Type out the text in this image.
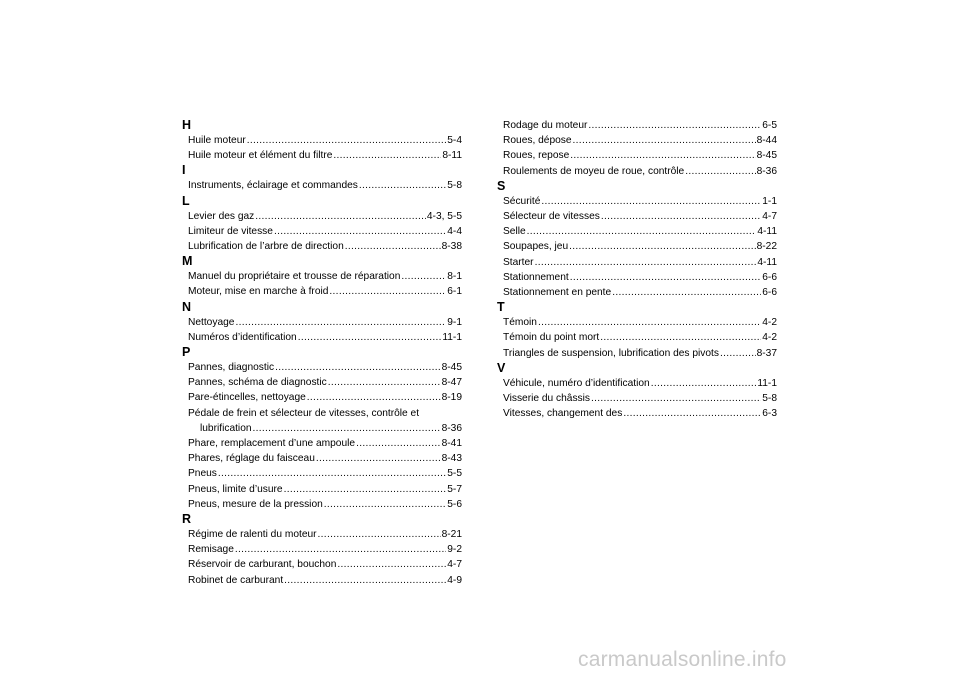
H
Huile moteur .....	5-4
Huile moteur et élément du filtre .....	8-11
I
Instruments, éclairage et commandes .....	5-8
L
Levier des gaz .....	4-3, 5-5
Limiteur de vitesse .....	4-4
Lubrification de l’arbre de direction .....	8-38
M
Manuel du propriétaire et trousse de réparation .....	8-1
Moteur, mise en marche à froid .....	6-1
N
Nettoyage .....	9-1
Numéros d’identification .....	11-1
P
Pannes, diagnostic .....	8-45
Pannes, schéma de diagnostic .....	8-47
Pare-étincelles, nettoyage .....	8-19
Pédale de frein et sélecteur de vitesses, contrôle et
lubrification .....	8-36
Phare, remplacement d’une ampoule .....	8-41
Phares, réglage du faisceau .....	8-43
Pneus .....	5-5
Pneus, limite d’usure .....	5-7
Pneus, mesure de la pression .....	5-6
R
Régime de ralenti du moteur .....	8-21
Remisage .....	9-2
Réservoir de carburant, bouchon .....	4-7
Robinet de carburant .....	4-9
Rodage du moteur .....	6-5
Roues, dépose .....	8-44
Roues, repose .....	8-45
Roulements de moyeu de roue, contrôle .....	8-36
S
Sécurité .....	1-1
Sélecteur de vitesses .....	4-7
Selle .....	4-11
Soupapes, jeu .....	8-22
Starter .....	4-11
Stationnement .....	6-6
Stationnement en pente .....	6-6
T
Témoin .....	4-2
Témoin du point mort .....	4-2
Triangles de suspension, lubrification des pivots .....	8-37
V
Véhicule, numéro d’identification .....	11-1
Visserie du châssis .....	5-8
Vitesses, changement des .....	6-3
carmanualsonline.info
